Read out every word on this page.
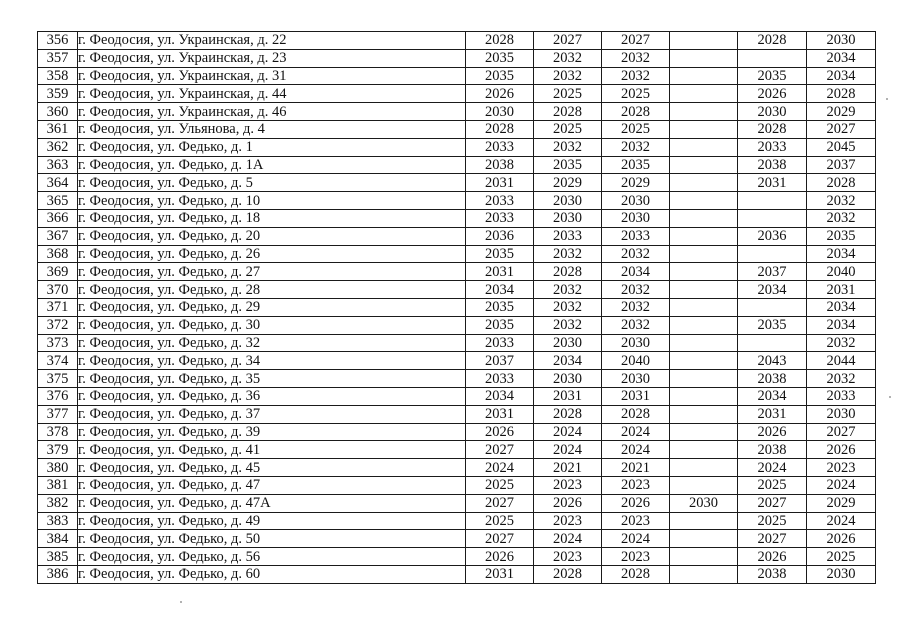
356	г. Феодосия, ул. Украинская, д. 22	2028	2027	2027		2028	2030
357	г. Феодосия, ул. Украинская, д. 23	2035	2032	2032			2034
358	г. Феодосия, ул. Украинская, д. 31	2035	2032	2032		2035	2034
359	г. Феодосия, ул. Украинская, д. 44	2026	2025	2025		2026	2028
360	г. Феодосия, ул. Украинская, д. 46	2030	2028	2028		2030	2029
361	г. Феодосия, ул. Ульянова, д. 4	2028	2025	2025		2028	2027
362	г. Феодосия, ул. Федько, д. 1	2033	2032	2032		2033	2045
363	г. Феодосия, ул. Федько, д. 1А	2038	2035	2035		2038	2037
364	г. Феодосия, ул. Федько, д. 5	2031	2029	2029		2031	2028
365	г. Феодосия, ул. Федько, д. 10	2033	2030	2030			2032
366	г. Феодосия, ул. Федько, д. 18	2033	2030	2030			2032
367	г. Феодосия, ул. Федько, д. 20	2036	2033	2033		2036	2035
368	г. Феодосия, ул. Федько, д. 26	2035	2032	2032			2034
369	г. Феодосия, ул. Федько, д. 27	2031	2028	2034		2037	2040
370	г. Феодосия, ул. Федько, д. 28	2034	2032	2032		2034	2031
371	г. Феодосия, ул. Федько, д. 29	2035	2032	2032			2034
372	г. Феодосия, ул. Федько, д. 30	2035	2032	2032		2035	2034
373	г. Феодосия, ул. Федько, д. 32	2033	2030	2030			2032
374	г. Феодосия, ул. Федько, д. 34	2037	2034	2040		2043	2044
375	г. Феодосия, ул. Федько, д. 35	2033	2030	2030		2038	2032
376	г. Феодосия, ул. Федько, д. 36	2034	2031	2031		2034	2033
377	г. Феодосия, ул. Федько, д. 37	2031	2028	2028		2031	2030
378	г. Феодосия, ул. Федько, д. 39	2026	2024	2024		2026	2027
379	г. Феодосия, ул. Федько, д. 41	2027	2024	2024		2038	2026
380	г. Феодосия, ул. Федько, д. 45	2024	2021	2021		2024	2023
381	г. Феодосия, ул. Федько, д. 47	2025	2023	2023		2025	2024
382	г. Феодосия, ул. Федько, д. 47А	2027	2026	2026	2030	2027	2029
383	г. Феодосия, ул. Федько, д. 49	2025	2023	2023		2025	2024
384	г. Феодосия, ул. Федько, д. 50	2027	2024	2024		2027	2026
385	г. Феодосия, ул. Федько, д. 56	2026	2023	2023		2026	2025
386	г. Феодосия, ул. Федько, д. 60	2031	2028	2028		2038	2030
